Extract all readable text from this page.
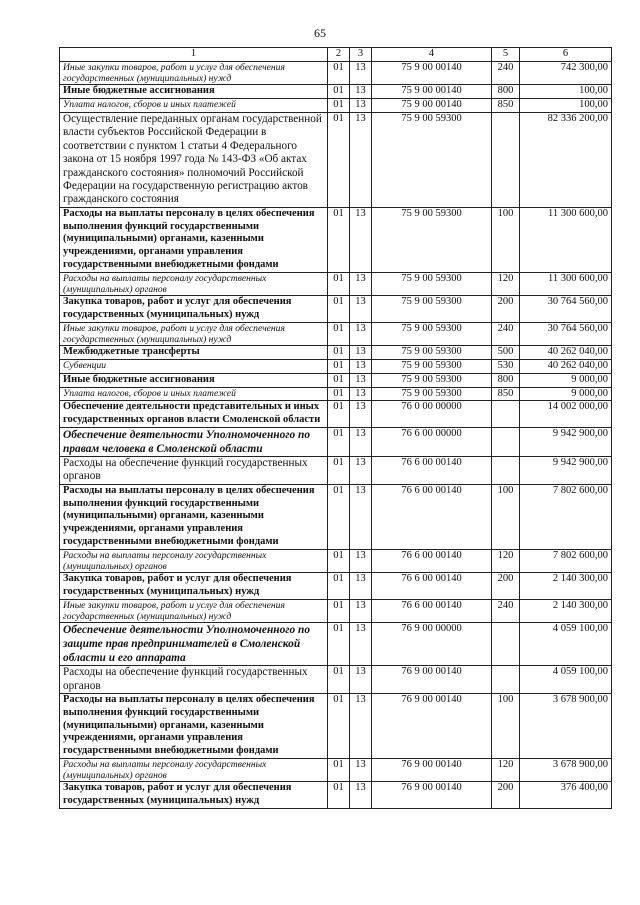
65
1	2	3	4	5	6
Иные закупки товаров, работ и услуг для обеспечения государственных (муниципальных) нужд	01	13	75 9 00 00140	240	742 300,00
Иные бюджетные ассигнования	01	13	75 9 00 00140	800	100,00
Уплата налогов, сборов и иных платежей	01	13	75 9 00 00140	850	100,00
Осуществление переданных органам государственной власти субъектов Российской Федерации в соответствии с пунктом 1 статьи 4 Федерального закона от 15 ноября 1997 года № 143-ФЗ «Об актах гражданского состояния» полномочий Российской Федерации на государственную регистрацию актов гражданского состояния	01	13	75 9 00 59300		82 336 200,00
Расходы на выплаты персоналу в целях обеспечения выполнения функций государственными (муниципальными) органами, казенными учреждениями, органами управления государственными внебюджетными фондами	01	13	75 9 00 59300	100	11 300 600,00
Расходы на выплаты персоналу государственных (муниципальных) органов	01	13	75 9 00 59300	120	11 300 600,00
Закупка товаров, работ и услуг для обеспечения государственных (муниципальных) нужд	01	13	75 9 00 59300	200	30 764 560,00
Иные закупки товаров, работ и услуг для обеспечения государственных (муниципальных) нужд	01	13	75 9 00 59300	240	30 764 560,00
Межбюджетные трансферты	01	13	75 9 00 59300	500	40 262 040,00
Субвенции	01	13	75 9 00 59300	530	40 262 040,00
Иные бюджетные ассигнования	01	13	75 9 00 59300	800	9 000,00
Уплата налогов, сборов и иных платежей	01	13	75 9 00 59300	850	9 000,00
Обеспечение деятельности представительных и иных государственных органов власти Смоленской области	01	13	76 0 00 00000		14 002 000,00
Обеспечение деятельности Уполномоченного по правам человека в Смоленской области	01	13	76 6 00 00000		9 942 900,00
Расходы на обеспечение функций государственных органов	01	13	76 6 00 00140		9 942 900,00
Расходы на выплаты персоналу в целях обеспечения выполнения функций государственными (муниципальными) органами, казенными учреждениями, органами управления государственными внебюджетными фондами	01	13	76 6 00 00140	100	7 802 600,00
Расходы на выплаты персоналу государственных (муниципальных) органов	01	13	76 6 00 00140	120	7 802 600,00
Закупка товаров, работ и услуг для обеспечения государственных (муниципальных) нужд	01	13	76 6 00 00140	200	2 140 300,00
Иные закупки товаров, работ и услуг для обеспечения государственных (муниципальных) нужд	01	13	76 6 00 00140	240	2 140 300,00
Обеспечение деятельности Уполномоченного по защите прав предпринимателей в Смоленской области и его аппарата	01	13	76 9 00 00000		4 059 100,00
Расходы на обеспечение функций государственных органов	01	13	76 9 00 00140		4 059 100,00
Расходы на выплаты персоналу в целях обеспечения выполнения функций государственными (муниципальными) органами, казенными учреждениями, органами управления государственными внебюджетными фондами	01	13	76 9 00 00140	100	3 678 900,00
Расходы на выплаты персоналу государственных (муниципальных) органов	01	13	76 9 00 00140	120	3 678 900,00
Закупка товаров, работ и услуг для обеспечения государственных (муниципальных) нужд	01	13	76 9 00 00140	200	376 400,00
